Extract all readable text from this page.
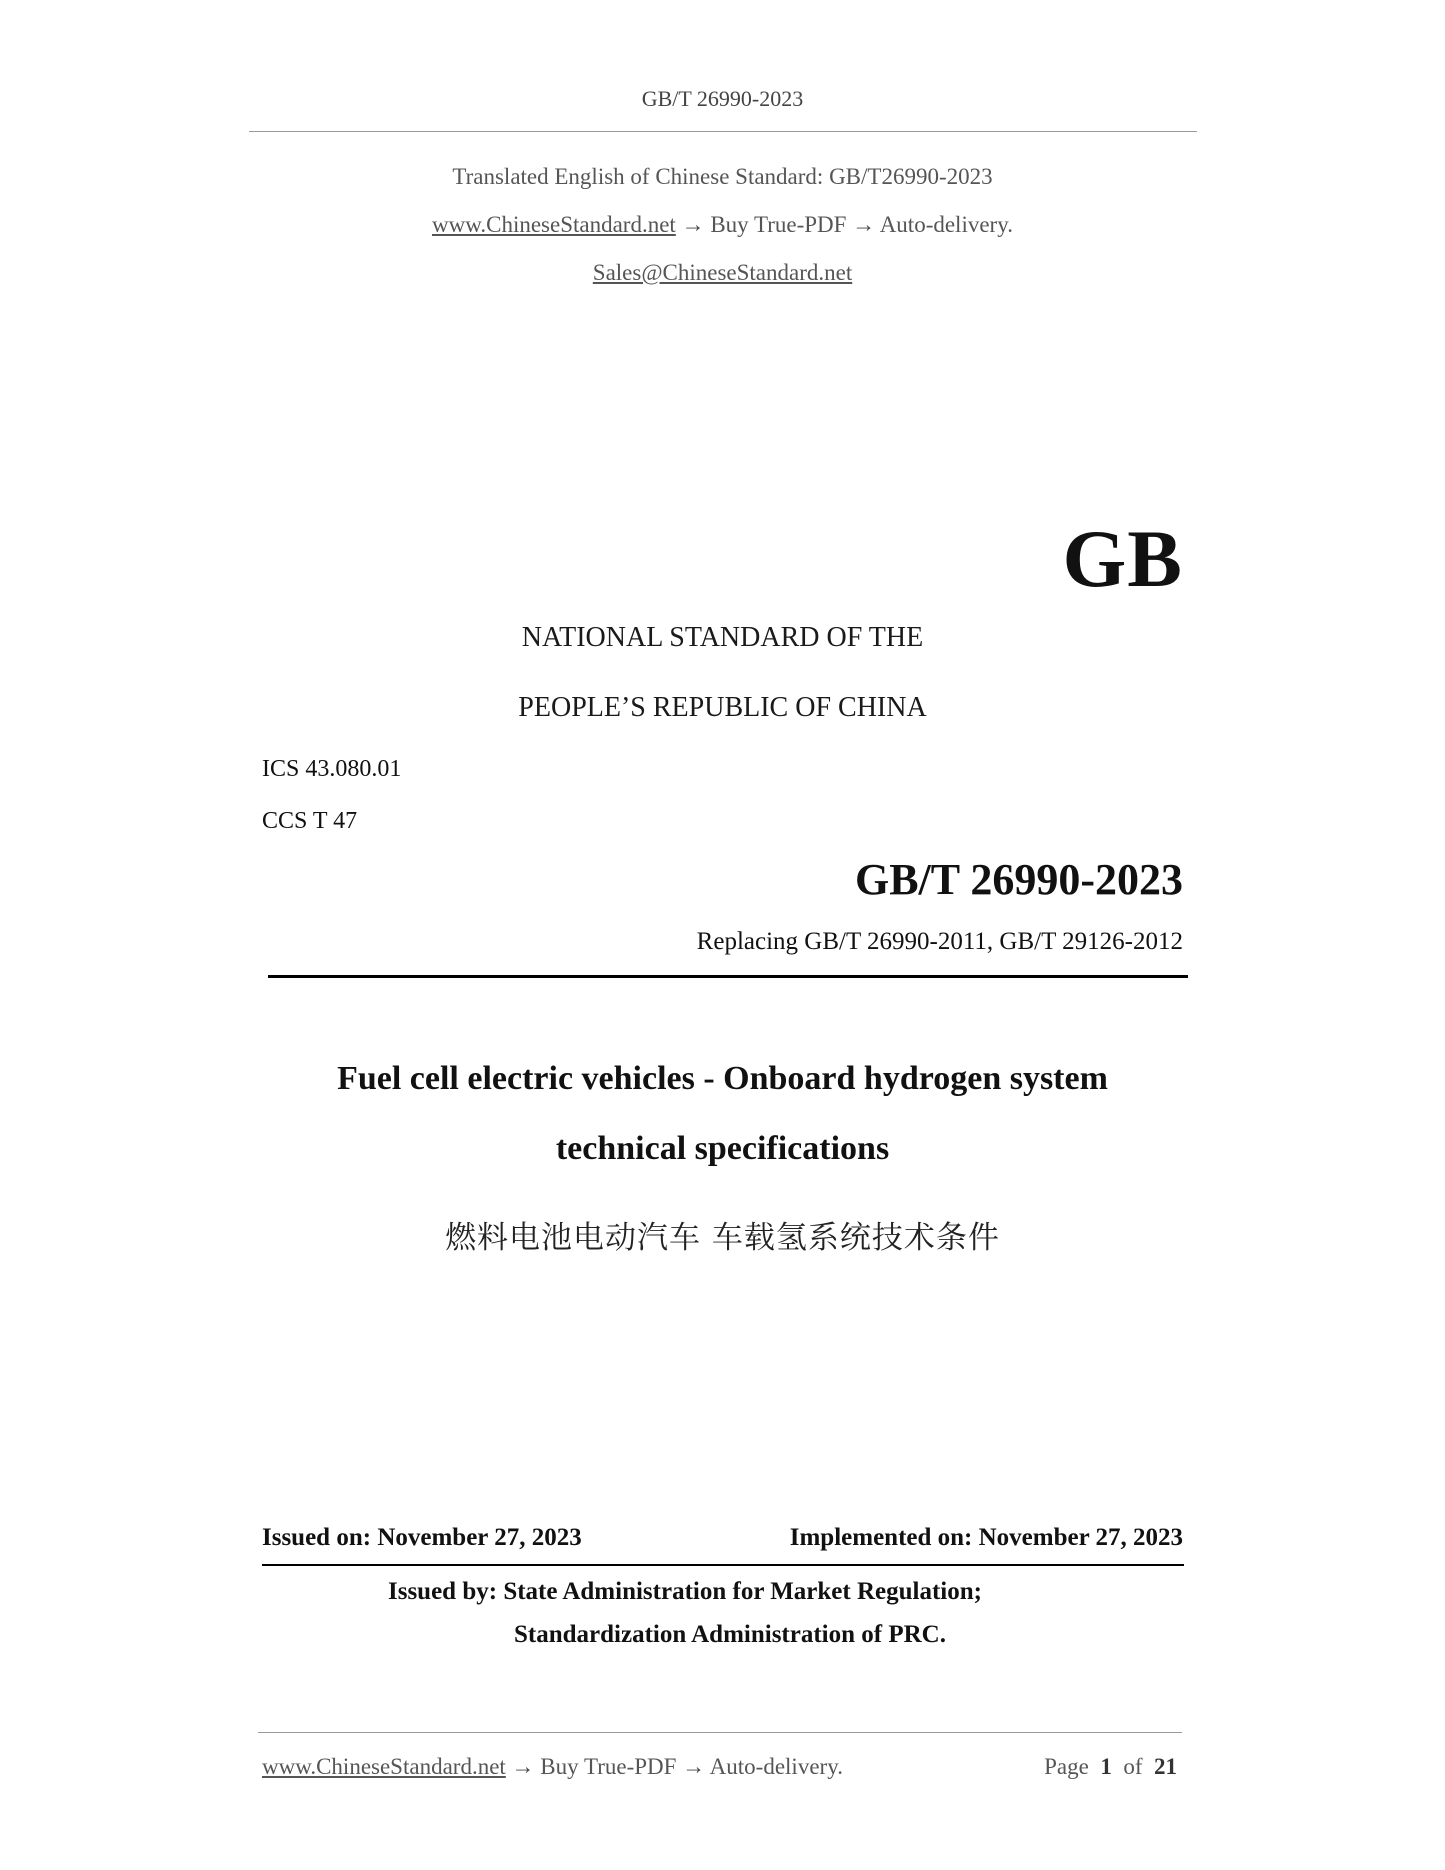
GB/T 26990-2023
Translated English of Chinese Standard: GB/T26990-2023
www.ChineseStandard.net → Buy True-PDF → Auto-delivery.
Sales@ChineseStandard.net
GB
NATIONAL STANDARD OF THE
PEOPLE’S REPUBLIC OF CHINA
ICS 43.080.01
CCS T 47
GB/T 26990-2023
Replacing GB/T 26990-2011, GB/T 29126-2012
Fuel cell electric vehicles - Onboard hydrogen system
technical specifications
燃料电池电动汽车 车载氢系统技术条件
Issued on: November 27, 2023	Implemented on: November 27, 2023
Issued by: State Administration for Market Regulation;
Standardization Administration of PRC.
www.ChineseStandard.net → Buy True-PDF → Auto-delivery.	Page 1 of 21
